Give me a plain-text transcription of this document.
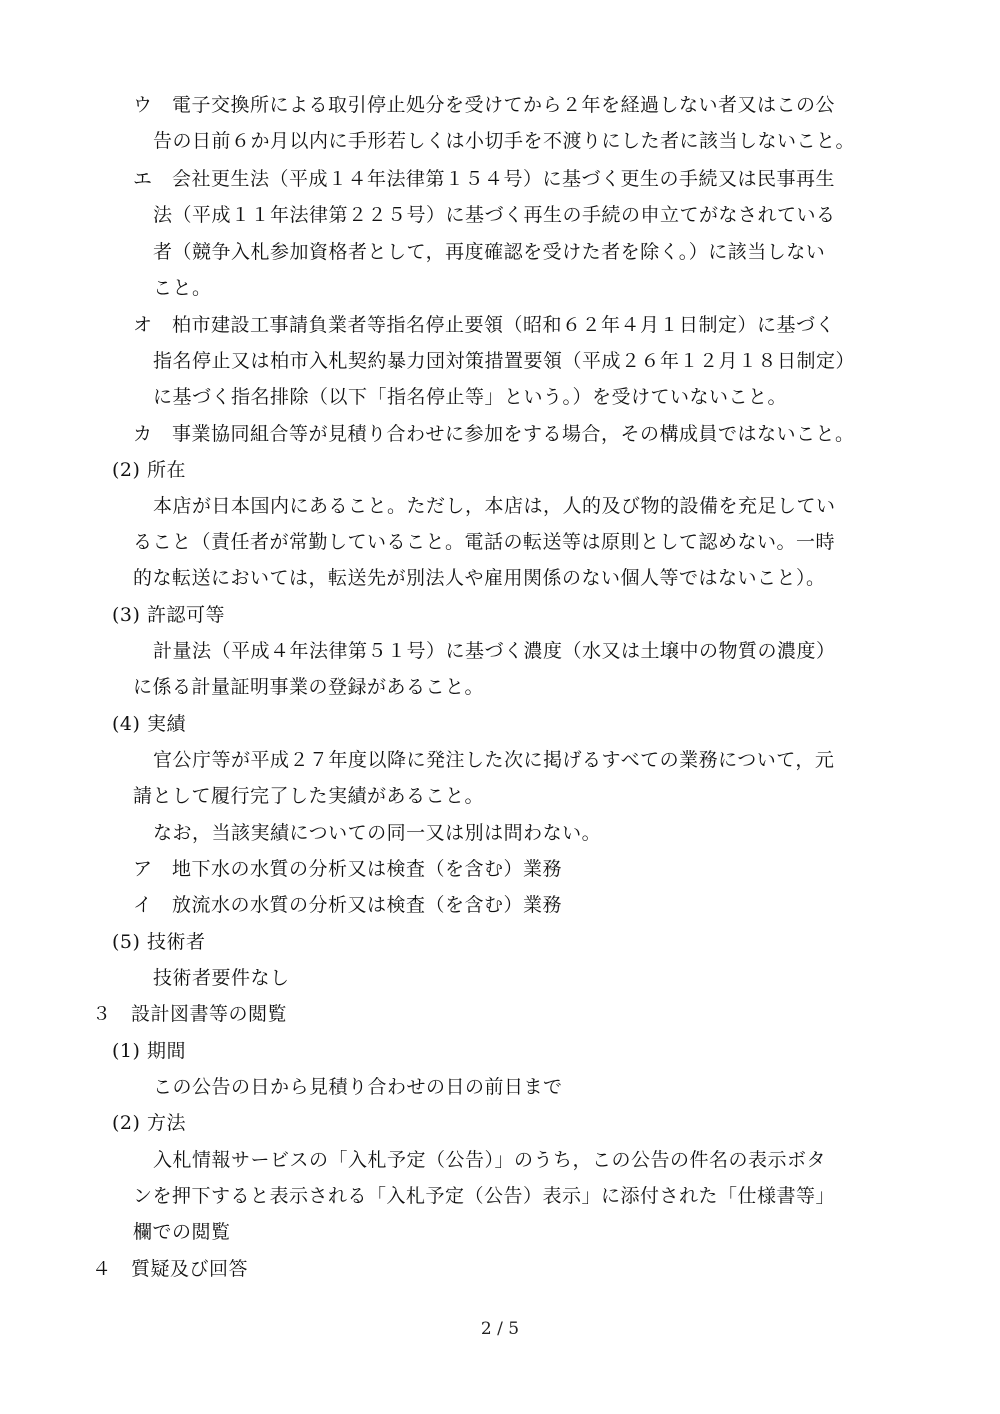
ウ　電子交換所による取引停止処分を受けてから２年を経過しない者又はこの公
告の日前６か月以内に手形若しくは小切手を不渡りにした者に該当しないこと。
エ　会社更生法（平成１４年法律第１５４号）に基づく更生の手続又は民事再生
法（平成１１年法律第２２５号）に基づく再生の手続の申立てがなされている
者（競争入札参加資格者として，再度確認を受けた者を除く。）に該当しない
こと。
オ　柏市建設工事請負業者等指名停止要領（昭和６２年４月１日制定）に基づく
指名停止又は柏市入札契約暴力団対策措置要領（平成２６年１２月１８日制定）
に基づく指名排除（以下「指名停止等」という。）を受けていないこと。
カ　事業協同組合等が見積り合わせに参加をする場合，その構成員ではないこと。
(2) 所在
本店が日本国内にあること。ただし，本店は，人的及び物的設備を充足してい
ること（責任者が常勤していること。電話の転送等は原則として認めない。一時
的な転送においては，転送先が別法人や雇用関係のない個人等ではないこと）。
(3) 許認可等
計量法（平成４年法律第５１号）に基づく濃度（水又は土壌中の物質の濃度）
に係る計量証明事業の登録があること。
(4) 実績
官公庁等が平成２７年度以降に発注した次に掲げるすべての業務について，元
請として履行完了した実績があること。
なお，当該実績についての同一又は別は問わない。
ア　地下水の水質の分析又は検査（を含む）業務
イ　放流水の水質の分析又は検査（を含む）業務
(5) 技術者
技術者要件なし
３　設計図書等の閲覧
(1) 期間
この公告の日から見積り合わせの日の前日まで
(2) 方法
入札情報サービスの「入札予定（公告）」のうち，この公告の件名の表示ボタ
ンを押下すると表示される「入札予定（公告）表示」に添付された「仕様書等」
欄での閲覧
４　質疑及び回答
2 / 5
